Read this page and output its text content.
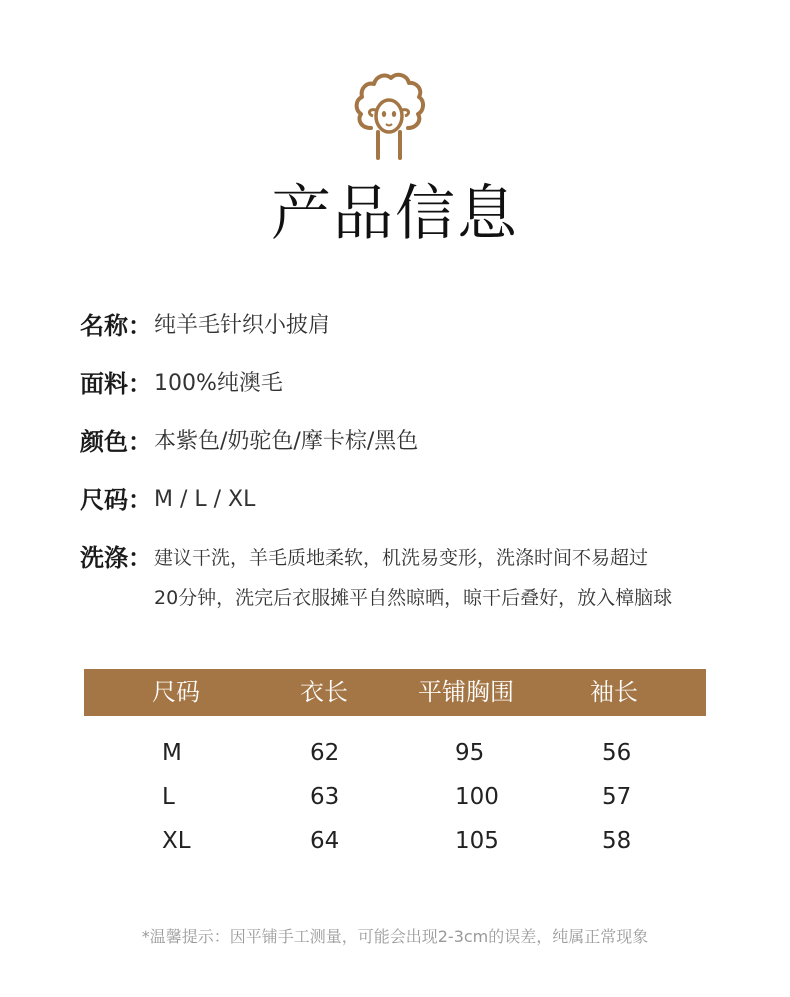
产品信息
名称： 纯羊毛针织小披肩
面料： 100%纯澳毛
颜色： 本紫色/奶驼色/摩卡棕/黑色
尺码： M / L / XL
洗涤： 建议干洗，羊毛质地柔软，机洗易变形，洗涤时间不易超过
20分钟，洗完后衣服摊平自然晾晒，晾干后叠好，放入樟脑球
尺码	衣长	平铺胸围	袖长
M	62	95	56
L	63	100	57
XL	64	105	58
*温馨提示：因平铺手工测量，可能会出现2-3cm的误差，纯属正常现象
